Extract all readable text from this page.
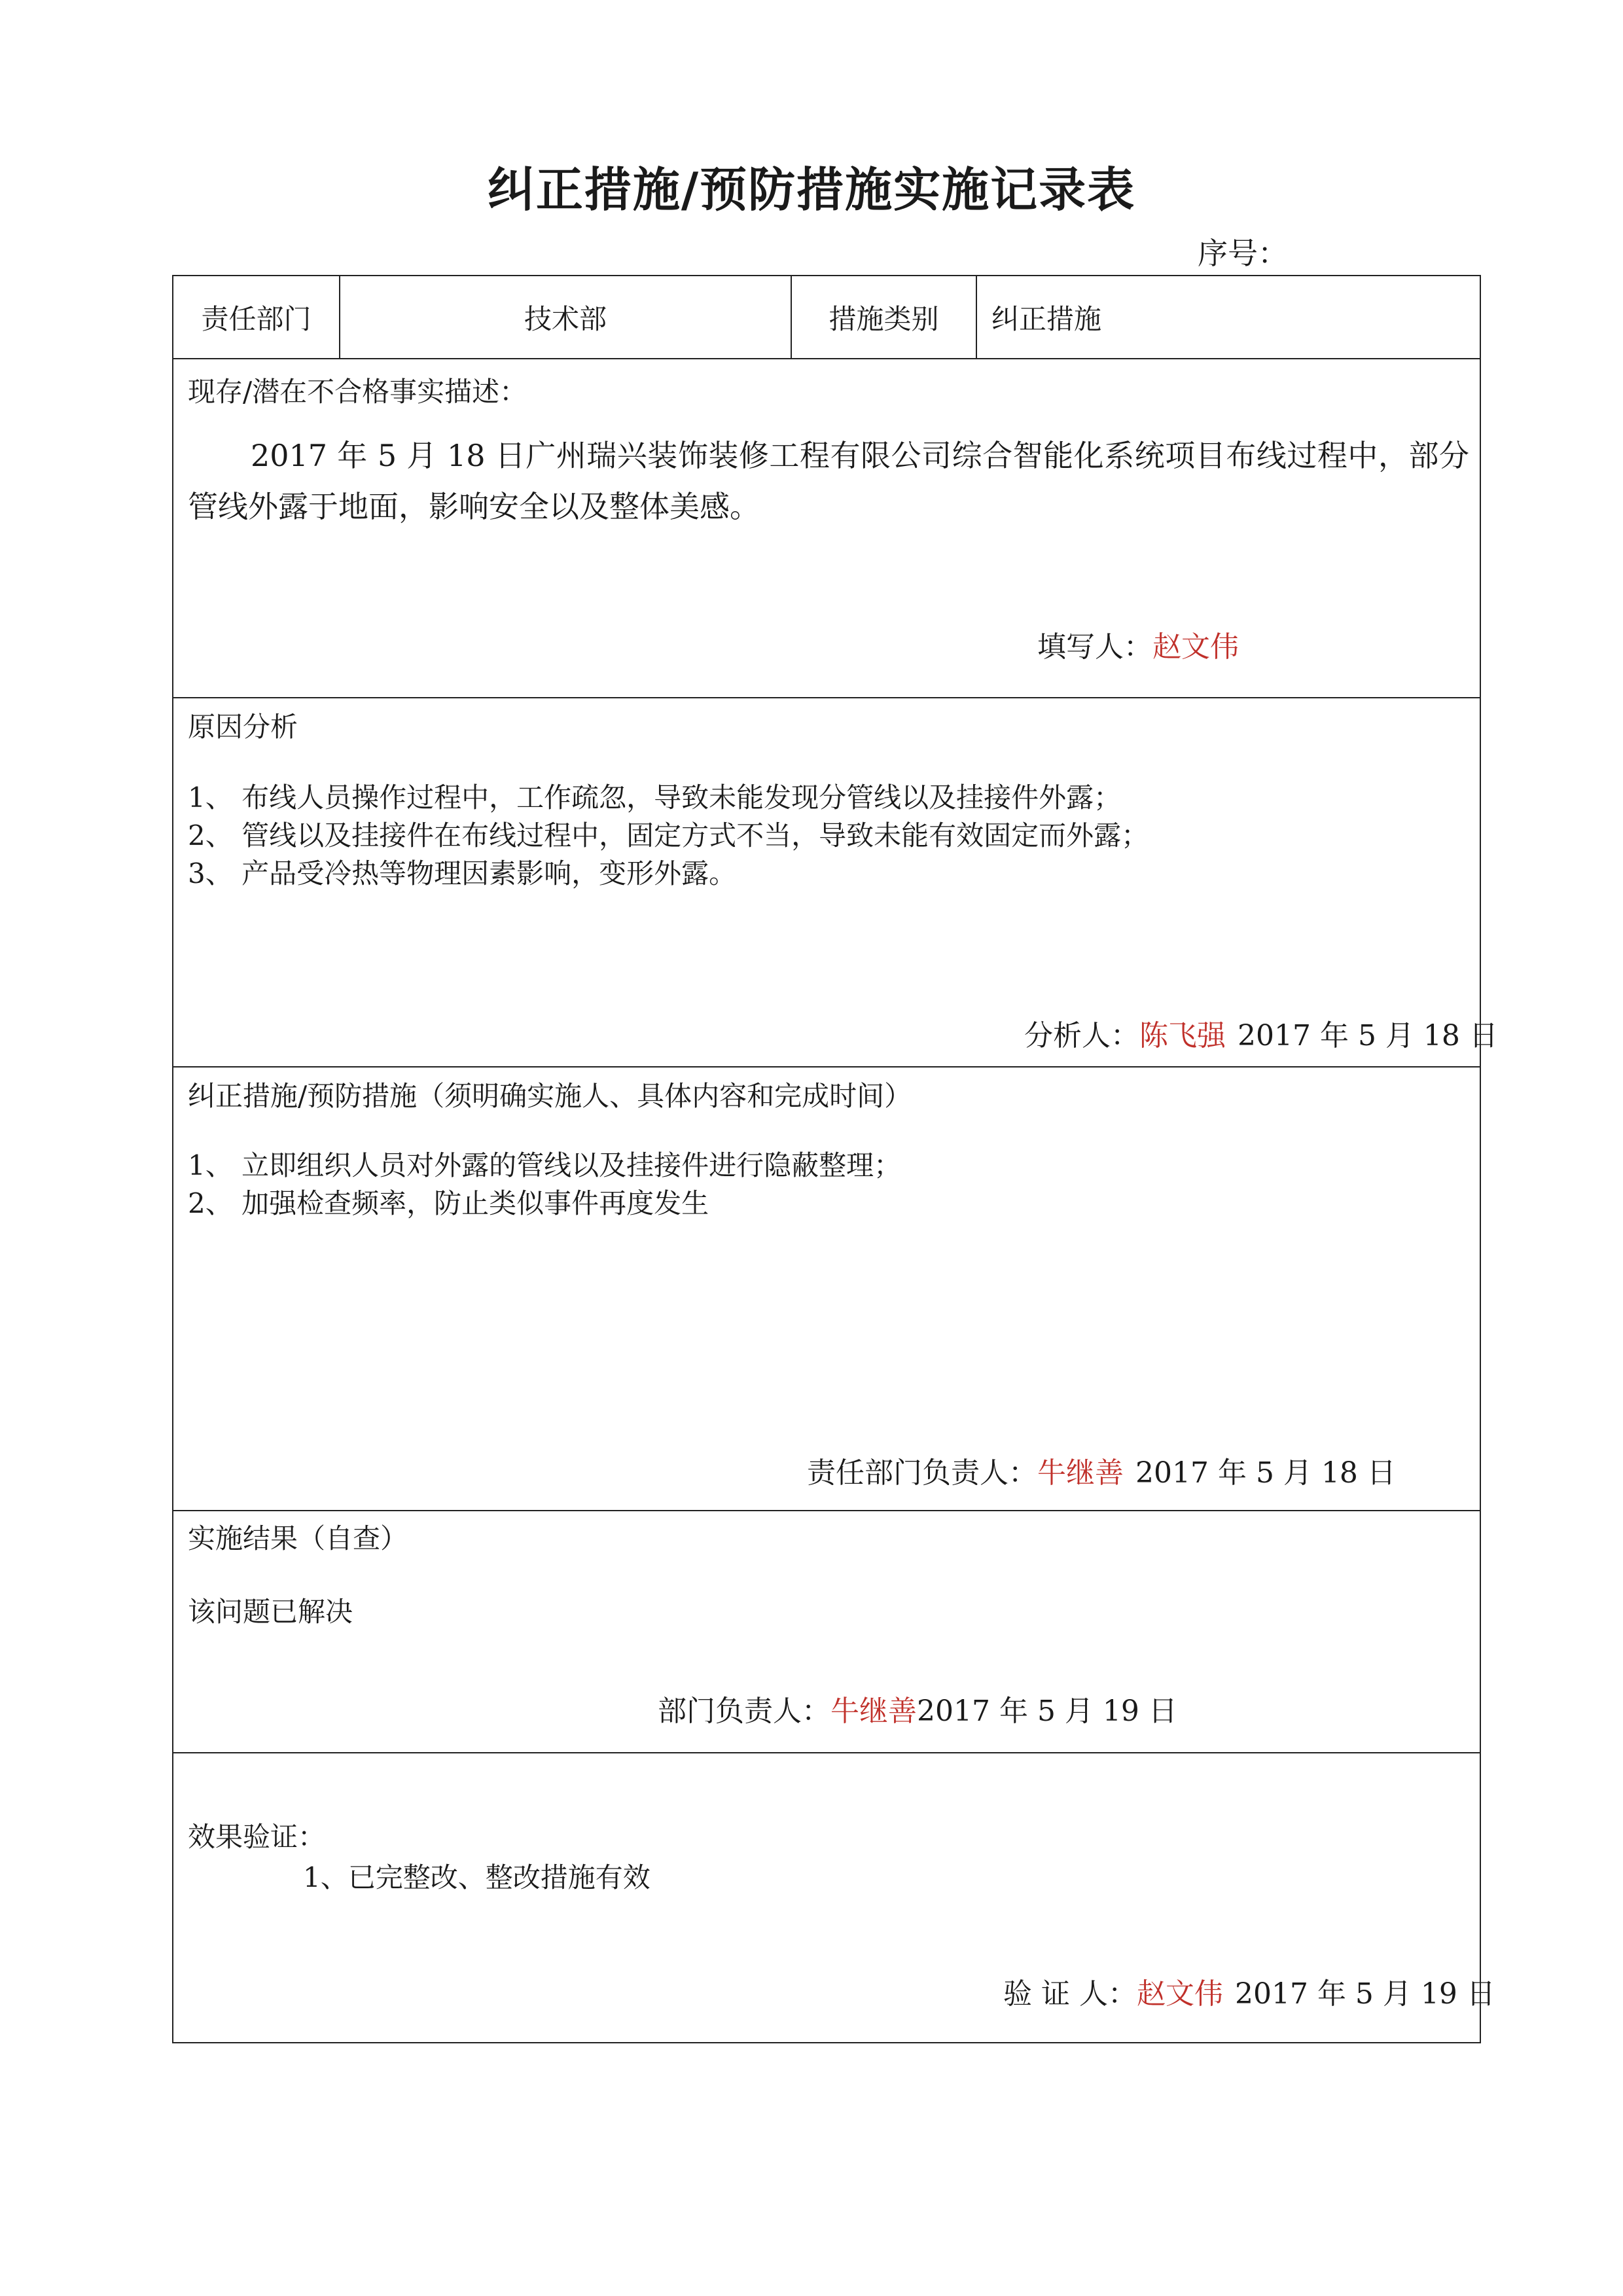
纠正措施/预防措施实施记录表
序号：
责任部门	技术部	措施类别 纠正措施
现存/潜在不合格事实描述：
2017 年 5 月 18 日广州瑞兴装饰装修工程有限公司综合智能化系统项目布线过程中，部分管线外露于地面，影响安全以及整体美感。
填写人：赵文伟
原因分析
1、 布线人员操作过程中，工作疏忽，导致未能发现分管线以及挂接件外露；
2、 管线以及挂接件在布线过程中，固定方式不当，导致未能有效固定而外露；
3、 产品受冷热等物理因素影响，变形外露。
分析人：陈飞强 2017 年 5 月 18 日
纠正措施/预防措施（须明确实施人、具体内容和完成时间）
1、 立即组织人员对外露的管线以及挂接件进行隐蔽整理；
2、 加强检查频率，防止类似事件再度发生
责任部门负责人：牛继善 2017 年 5 月 18 日
实施结果（自查）
该问题已解决
部门负责人：牛继善2017 年 5 月 19 日
效果验证：
1、已完整改、整改措施有效
验 证 人：赵文伟 2017 年 5 月 19 日
